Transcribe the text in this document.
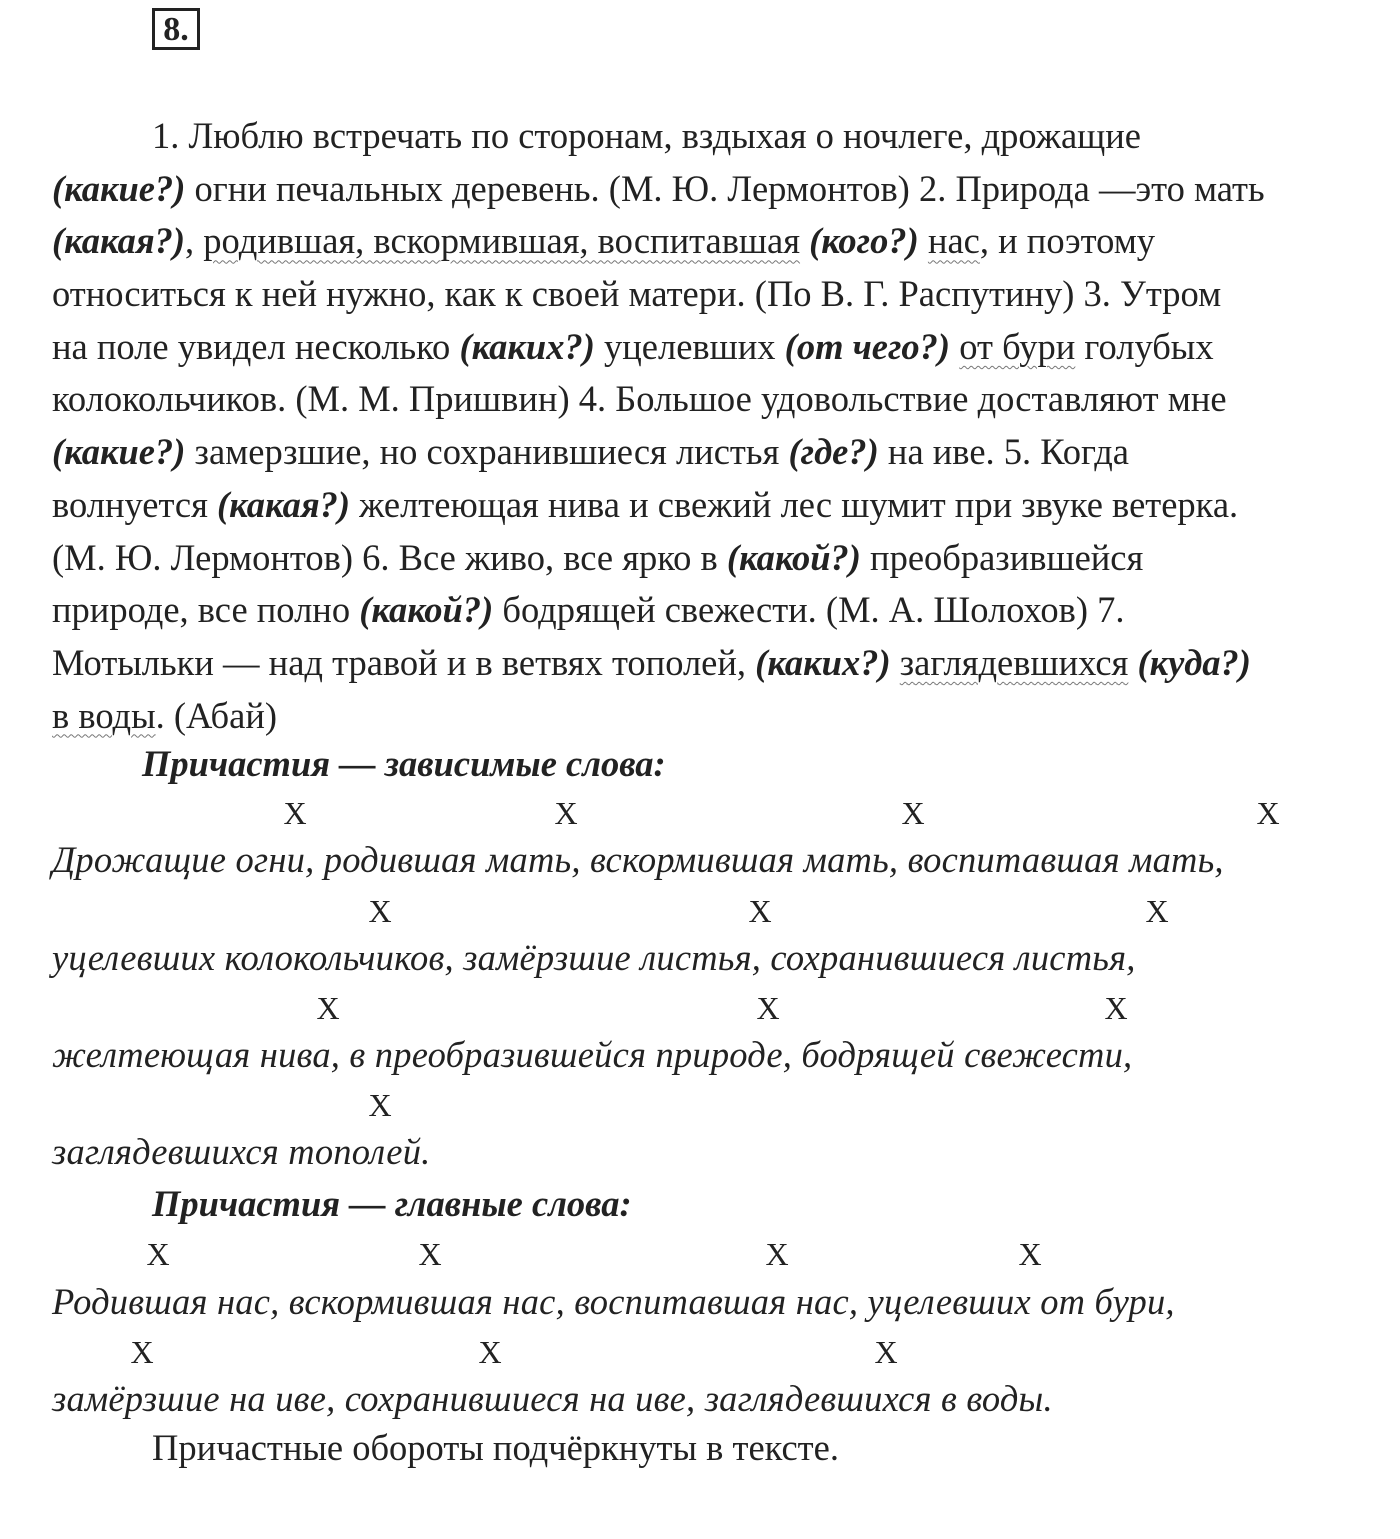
8.
1. Люблю встречать по сторонам, вздыхая о ночлеге, дрожащие
(какие?) огни печальных деревень. (М. Ю. Лермонтов) 2. Природа —это мать
(какая?), родившая, вскормившая, воспитавшая (кого?) нас, и поэтому
относиться к ней нужно, как к своей матери. (По В. Г. Распутину) 3. Утром
на поле увидел несколько (каких?) уцелевших (от чего?) от бури голубых
колокольчиков. (М. М. Пришвин) 4. Большое удовольствие доставляют мне
(какие?) замерзшие, но сохранившиеся листья (где?) на иве. 5. Когда
волнуется (какая?) желтеющая нива и свежий лес шумит при звуке ветерка.
(М. Ю. Лермонтов) 6. Все живо, все ярко в (какой?) преобразившейся
природе, все полно (какой?) бодрящей свежести. (М. А. Шолохов) 7.
Мотыльки — над травой и в ветвях тополей, (каких?) заглядевшихся (куда?)
в воды. (Абай)
Причастия — зависимые слова:
X	X	X	X
Дрожащие огни, родившая мать, вскормившая мать, воспитавшая мать,
X	X	X
уцелевших колокольчиков, замёрзшие листья, сохранившиеся листья,
X	X	X
желтеющая нива, в преобразившейся природе, бодрящей свежести,
X
заглядевшихся тополей.
Причастия — главные слова:
X	X	X	X
Родившая нас, вскормившая нас, воспитавшая нас, уцелевших от бури,
X	X	X
замёрзшие на иве, сохранившиеся на иве, заглядевшихся в воды.
Причастные обороты подчёркнуты в тексте.
